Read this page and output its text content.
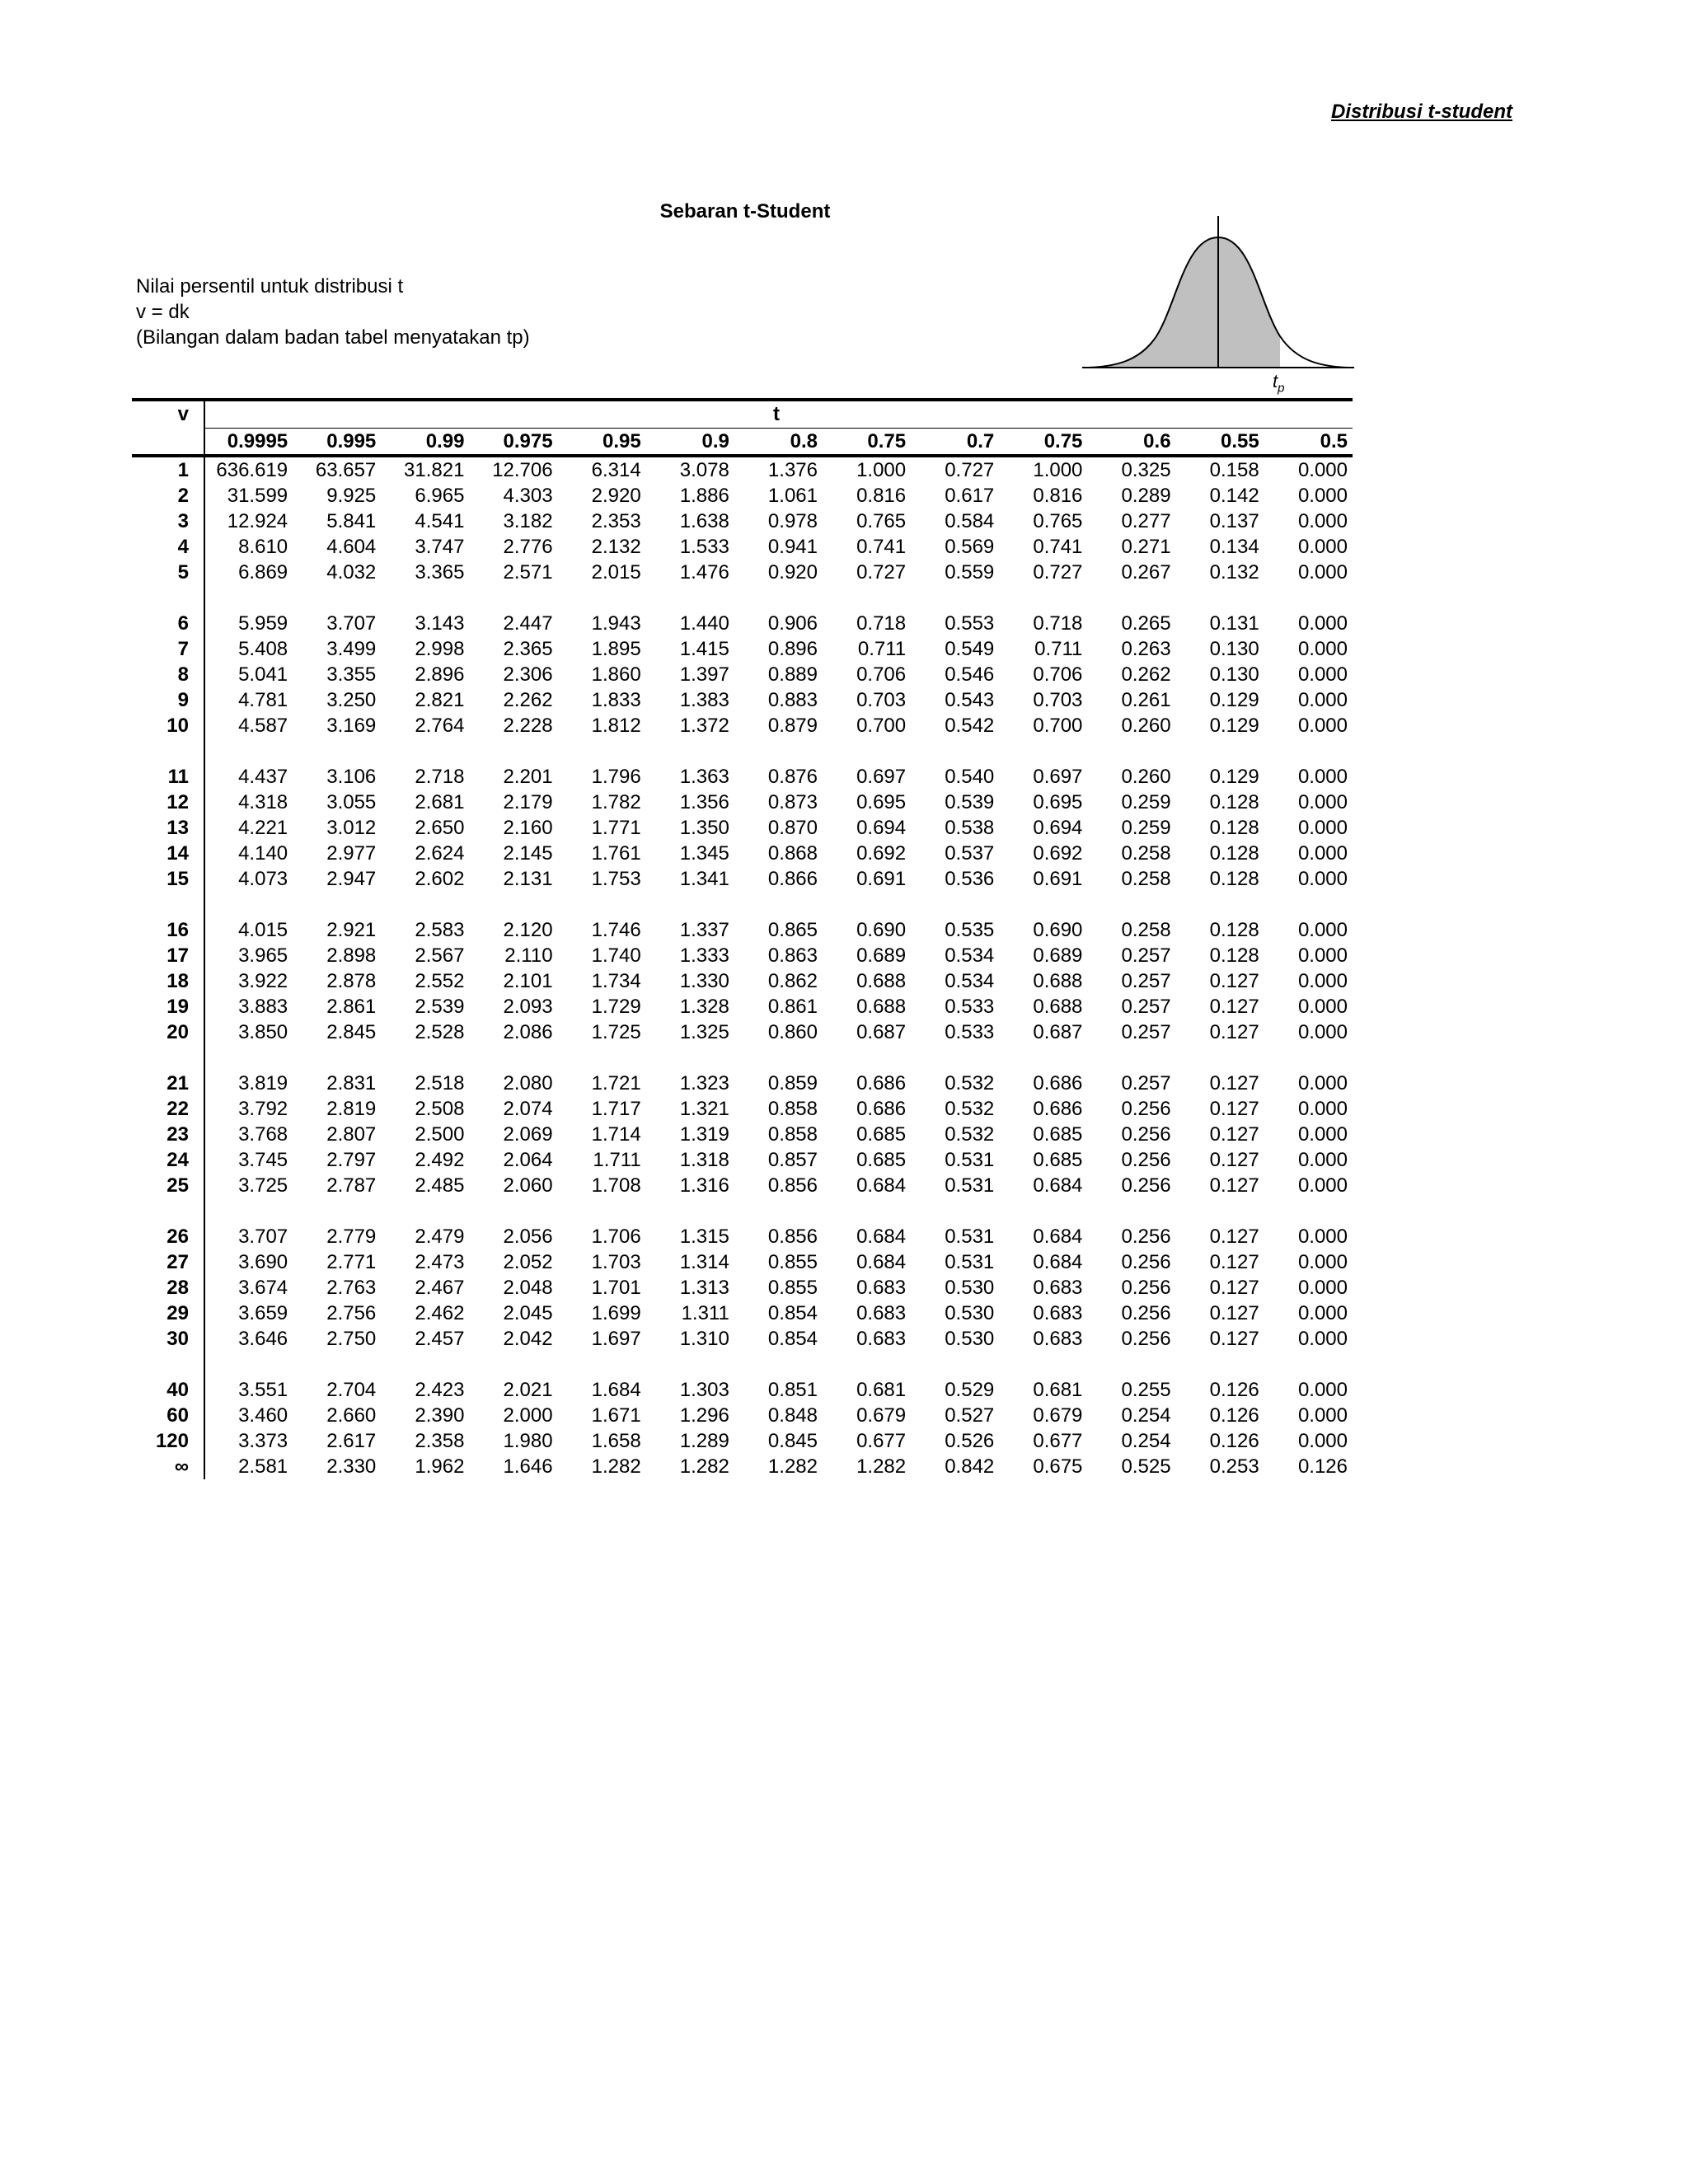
Distribusi t-student
Sebaran t-Student
Nilai persentil untuk distribusi t
v = dk
(Bilangan dalam badan tabel menyatakan tp)
$t_p$
v	t												
	0.9995	0.995	0.99	0.975	0.95	0.9	0.8	0.75	0.7	0.75	0.6	0.55	0.5
1	636.619	63.657	31.821	12.706	6.314	3.078	1.376	1.000	0.727	1.000	0.325	0.158	0.000
2	31.599	9.925	6.965	4.303	2.920	1.886	1.061	0.816	0.617	0.816	0.289	0.142	0.000
3	12.924	5.841	4.541	3.182	2.353	1.638	0.978	0.765	0.584	0.765	0.277	0.137	0.000
4	8.610	4.604	3.747	2.776	2.132	1.533	0.941	0.741	0.569	0.741	0.271	0.134	0.000
5	6.869	4.032	3.365	2.571	2.015	1.476	0.920	0.727	0.559	0.727	0.267	0.132	0.000

6	5.959	3.707	3.143	2.447	1.943	1.440	0.906	0.718	0.553	0.718	0.265	0.131	0.000
7	5.408	3.499	2.998	2.365	1.895	1.415	0.896	0.711	0.549	0.711	0.263	0.130	0.000
8	5.041	3.355	2.896	2.306	1.860	1.397	0.889	0.706	0.546	0.706	0.262	0.130	0.000
9	4.781	3.250	2.821	2.262	1.833	1.383	0.883	0.703	0.543	0.703	0.261	0.129	0.000
10	4.587	3.169	2.764	2.228	1.812	1.372	0.879	0.700	0.542	0.700	0.260	0.129	0.000

11	4.437	3.106	2.718	2.201	1.796	1.363	0.876	0.697	0.540	0.697	0.260	0.129	0.000
12	4.318	3.055	2.681	2.179	1.782	1.356	0.873	0.695	0.539	0.695	0.259	0.128	0.000
13	4.221	3.012	2.650	2.160	1.771	1.350	0.870	0.694	0.538	0.694	0.259	0.128	0.000
14	4.140	2.977	2.624	2.145	1.761	1.345	0.868	0.692	0.537	0.692	0.258	0.128	0.000
15	4.073	2.947	2.602	2.131	1.753	1.341	0.866	0.691	0.536	0.691	0.258	0.128	0.000

16	4.015	2.921	2.583	2.120	1.746	1.337	0.865	0.690	0.535	0.690	0.258	0.128	0.000
17	3.965	2.898	2.567	2.110	1.740	1.333	0.863	0.689	0.534	0.689	0.257	0.128	0.000
18	3.922	2.878	2.552	2.101	1.734	1.330	0.862	0.688	0.534	0.688	0.257	0.127	0.000
19	3.883	2.861	2.539	2.093	1.729	1.328	0.861	0.688	0.533	0.688	0.257	0.127	0.000
20	3.850	2.845	2.528	2.086	1.725	1.325	0.860	0.687	0.533	0.687	0.257	0.127	0.000

21	3.819	2.831	2.518	2.080	1.721	1.323	0.859	0.686	0.532	0.686	0.257	0.127	0.000
22	3.792	2.819	2.508	2.074	1.717	1.321	0.858	0.686	0.532	0.686	0.256	0.127	0.000
23	3.768	2.807	2.500	2.069	1.714	1.319	0.858	0.685	0.532	0.685	0.256	0.127	0.000
24	3.745	2.797	2.492	2.064	1.711	1.318	0.857	0.685	0.531	0.685	0.256	0.127	0.000
25	3.725	2.787	2.485	2.060	1.708	1.316	0.856	0.684	0.531	0.684	0.256	0.127	0.000

26	3.707	2.779	2.479	2.056	1.706	1.315	0.856	0.684	0.531	0.684	0.256	0.127	0.000
27	3.690	2.771	2.473	2.052	1.703	1.314	0.855	0.684	0.531	0.684	0.256	0.127	0.000
28	3.674	2.763	2.467	2.048	1.701	1.313	0.855	0.683	0.530	0.683	0.256	0.127	0.000
29	3.659	2.756	2.462	2.045	1.699	1.311	0.854	0.683	0.530	0.683	0.256	0.127	0.000
30	3.646	2.750	2.457	2.042	1.697	1.310	0.854	0.683	0.530	0.683	0.256	0.127	0.000

40	3.551	2.704	2.423	2.021	1.684	1.303	0.851	0.681	0.529	0.681	0.255	0.126	0.000
60	3.460	2.660	2.390	2.000	1.671	1.296	0.848	0.679	0.527	0.679	0.254	0.126	0.000
120	3.373	2.617	2.358	1.980	1.658	1.289	0.845	0.677	0.526	0.677	0.254	0.126	0.000
∞	2.581	2.330	1.962	1.646	1.282	1.282	1.282	1.282	0.842	0.675	0.525	0.253	0.126
